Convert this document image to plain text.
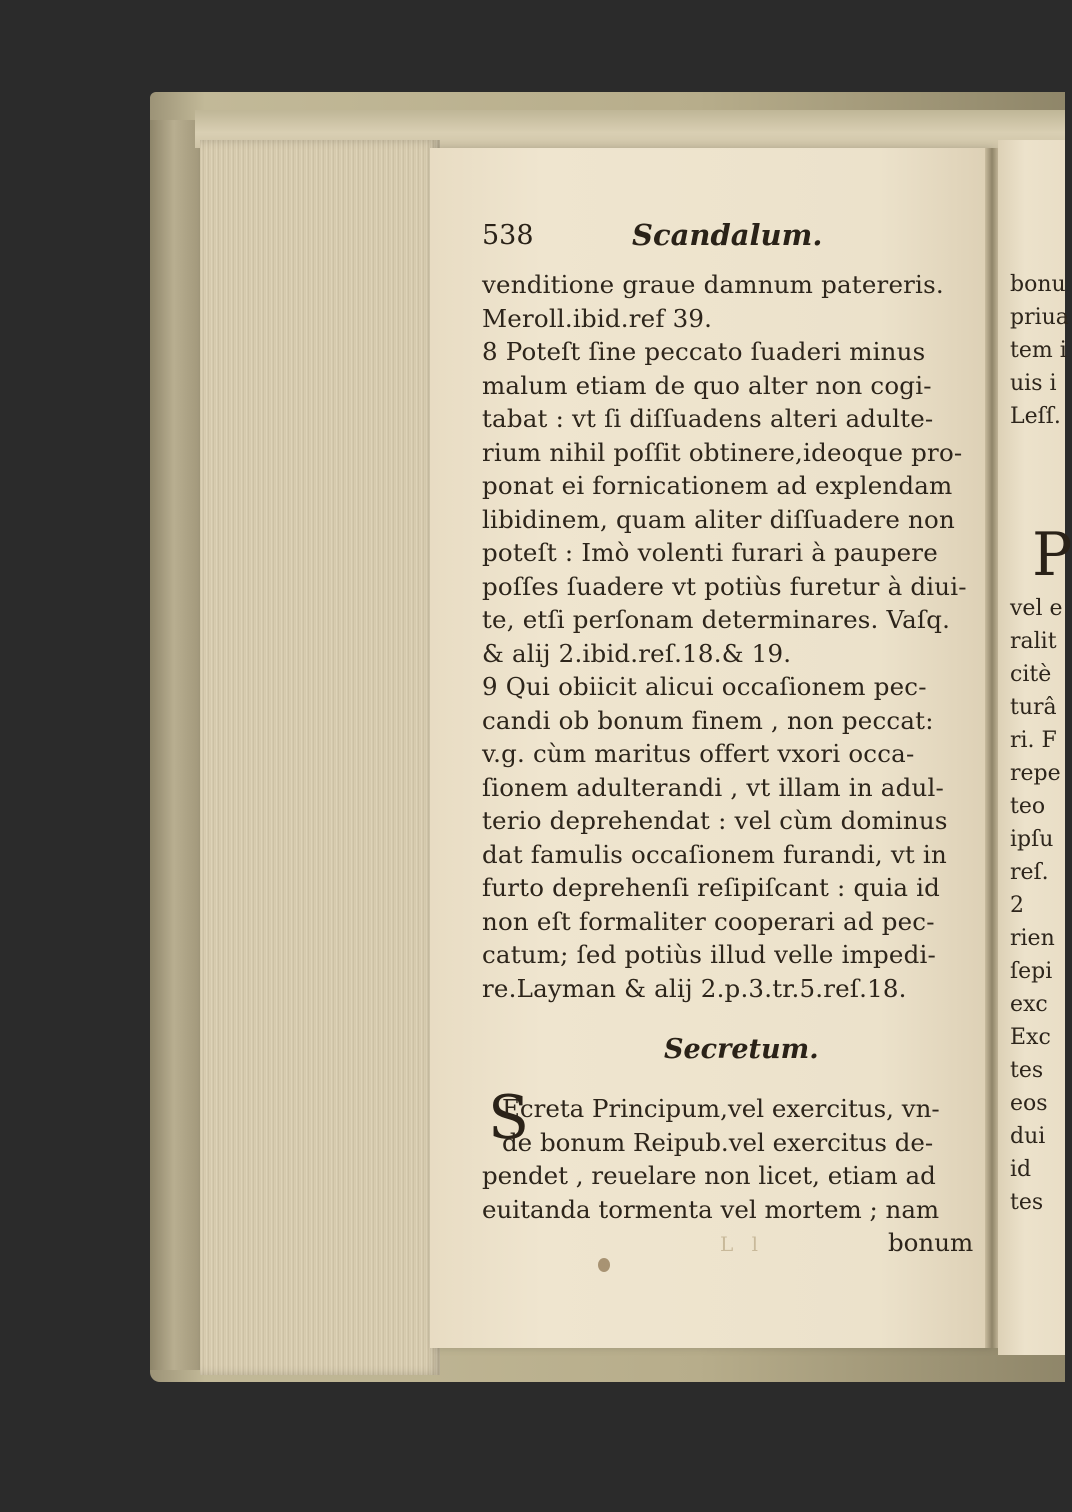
538	Scandalum.
venditione graue damnum patereris.
Meroll.ibid.ref 39.
8 Poteſt ſine peccato ſuaderi minus
malum etiam de quo alter non cogi-
tabat : vt ſi diſſuadens alteri adulte-
rium nihil poſſit obtinere,ideoque pro-
ponat ei fornicationem ad explendam
libidinem, quam aliter diſſuadere non
poteſt : Imò volenti furari à paupere
poſſes ſuadere vt potiùs furetur à diui-
te, etſi perſonam determinares. Vaſq.
& alij 2.ibid.reſ.18.& 19.
9 Qui obiicit alicui occaſionem pec-
candi ob bonum finem , non peccat:
v.g. cùm maritus offert vxori occa-
ſionem adulterandi , vt illam in adul-
terio deprehendat : vel cùm dominus
dat famulis occaſionem furandi, vt in
furto deprehenſi reſipiſcant : quia id
non eſt formaliter cooperari ad pec-
catum; ſed potiùs illud velle impedi-
re.Layman & alij 2.p.3.tr.5.reſ.18.
Secretum.
S
Ecreta Principum,vel exercitus, vn-
de bonum Reipub.vel exercitus de-
pendet , reuelare non licet, etiam ad
euitanda tormenta vel mortem ; nam
L l	bonum
bonu
priua
tem i
uis i
Leſſ.
P
vel e
ralit
citè
turâ
ri. F
repe
teo
ipſu
reſ.
2
rien
ſepi
exc
Exc
tes
eos
dui
id
tes
